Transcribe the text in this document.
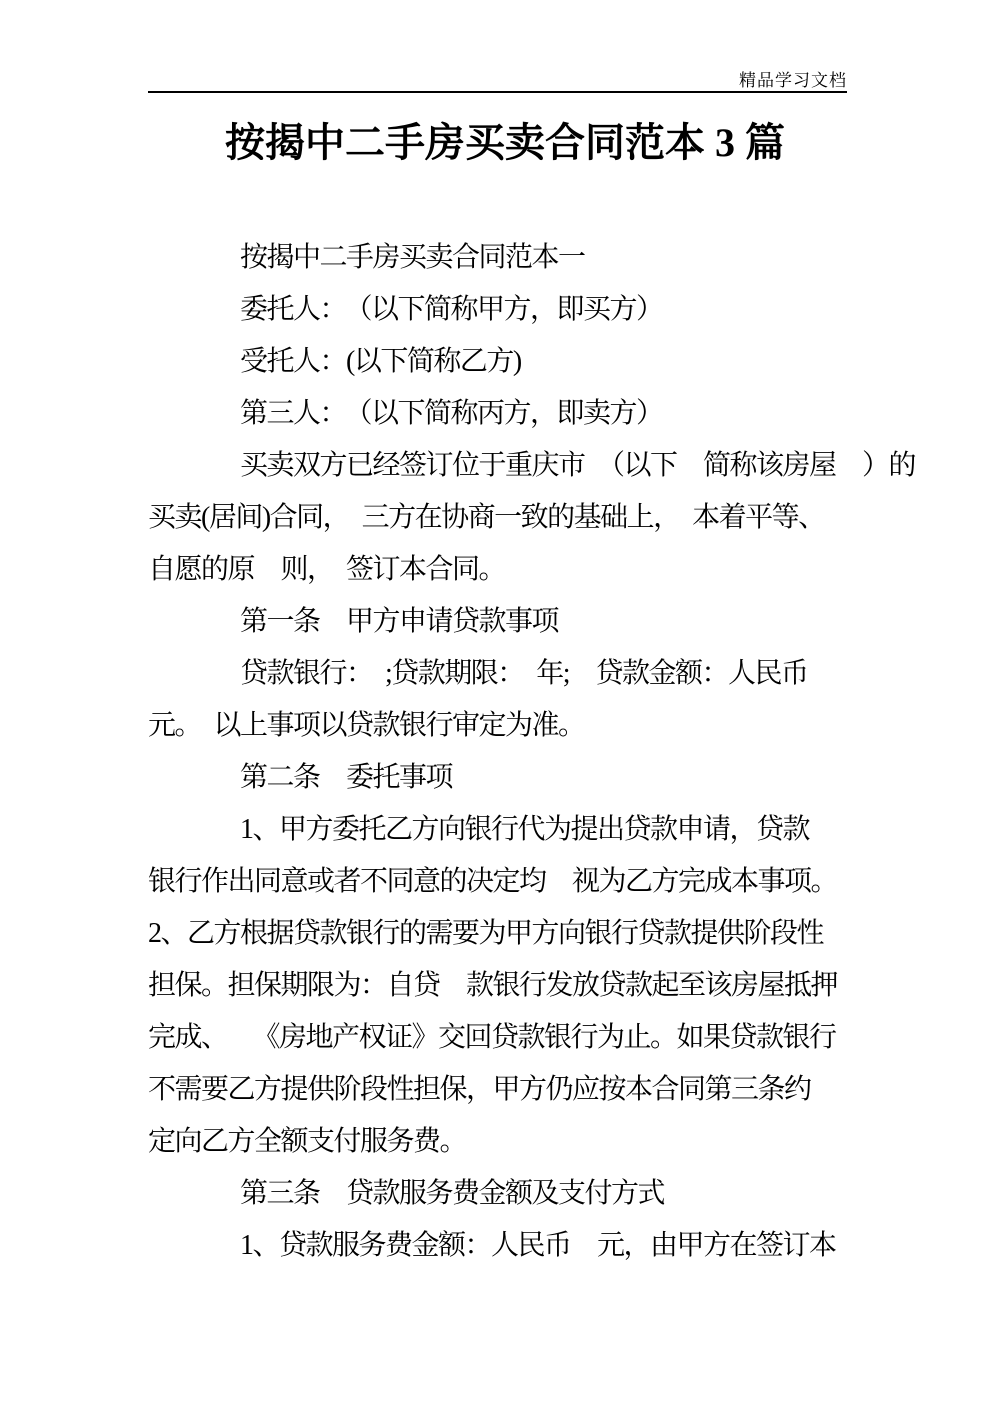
精品学习文档
按揭中二手房买卖合同范本 3 篇
按揭中二手房买卖合同范本一
委托人：　（以下简称甲方，即买方）
受托人：(以下简称乙方)
第三人：　（以下简称丙方，即卖方）
买卖双方已经签订位于重庆市　（以下　简称该房屋　）的
买卖(居间)合同，　三方在协商一致的基础上，　本着平等、
自愿的原　则，　签订本合同。
第一条　甲方申请贷款事项
贷款银行：　;贷款期限：　年;　贷款金额：人民币
元。　以上事项以贷款银行审定为准。
第二条　委托事项
1、甲方委托乙方向银行代为提出贷款申请，贷款
银行作出同意或者不同意的决定均　视为乙方完成本事项。
2、乙方根据贷款银行的需要为甲方向银行贷款提供阶段性
担保。担保期限为：自贷　款银行发放贷款起至该房屋抵押
完成、　　《房地产权证》交回贷款银行为止。如果贷款银行
不需要乙方提供阶段性担保，甲方仍应按本合同第三条约
定向乙方全额支付服务费。
第三条　贷款服务费金额及支付方式
1、贷款服务费金额：人民币　元，由甲方在签订本
